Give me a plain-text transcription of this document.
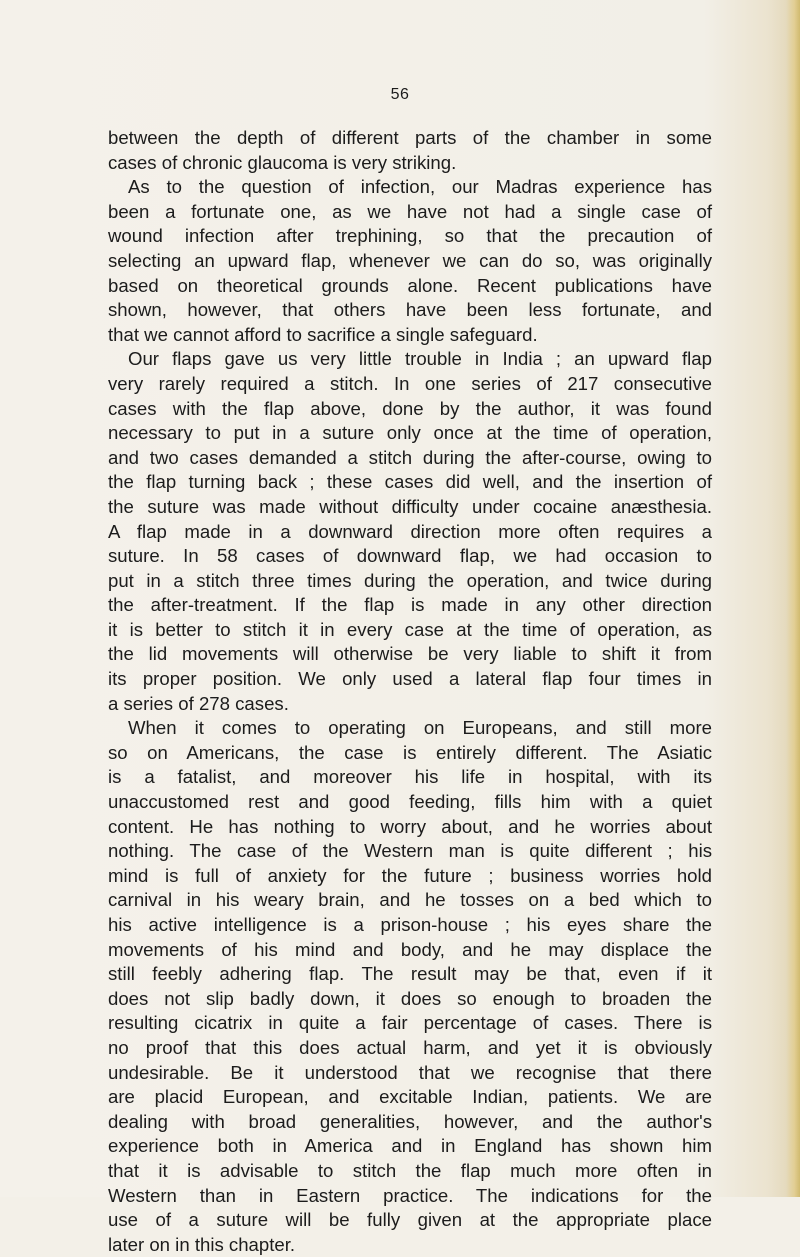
56
between the depth of different parts of the chamber in some
cases of chronic glaucoma is very striking.
As to the question of infection, our Madras experience has
been a fortunate one, as we have not had a single case of
wound infection after trephining, so that the precaution of
selecting an upward flap, whenever we can do so, was originally
based on theoretical grounds alone. Recent publications have
shown, however, that others have been less fortunate, and
that we cannot afford to sacrifice a single safeguard.
Our flaps gave us very little trouble in India ; an upward flap
very rarely required a stitch. In one series of 217 consecutive
cases with the flap above, done by the author, it was found
necessary to put in a suture only once at the time of operation,
and two cases demanded a stitch during the after-course, owing to
the flap turning back ; these cases did well, and the insertion of
the suture was made without difficulty under cocaine anæsthesia.
A flap made in a downward direction more often requires a
suture. In 58 cases of downward flap, we had occasion to
put in a stitch three times during the operation, and twice during
the after-treatment. If the flap is made in any other direction
it is better to stitch it in every case at the time of operation, as
the lid movements will otherwise be very liable to shift it from
its proper position. We only used a lateral flap four times in
a series of 278 cases.
When it comes to operating on Europeans, and still more
so on Americans, the case is entirely different. The Asiatic
is a fatalist, and moreover his life in hospital, with its
unaccustomed rest and good feeding, fills him with a quiet
content. He has nothing to worry about, and he worries about
nothing. The case of the Western man is quite different ; his
mind is full of anxiety for the future ; business worries hold
carnival in his weary brain, and he tosses on a bed which to
his active intelligence is a prison-house ; his eyes share the
movements of his mind and body, and he may displace the
still feebly adhering flap. The result may be that, even if it
does not slip badly down, it does so enough to broaden the
resulting cicatrix in quite a fair percentage of cases. There is
no proof that this does actual harm, and yet it is obviously
undesirable. Be it understood that we recognise that there
are placid European, and excitable Indian, patients. We are
dealing with broad generalities, however, and the author's
experience both in America and in England has shown him
that it is advisable to stitch the flap much more often in
Western than in Eastern practice. The indications for the
use of a suture will be fully given at the appropriate place
later on in this chapter.
